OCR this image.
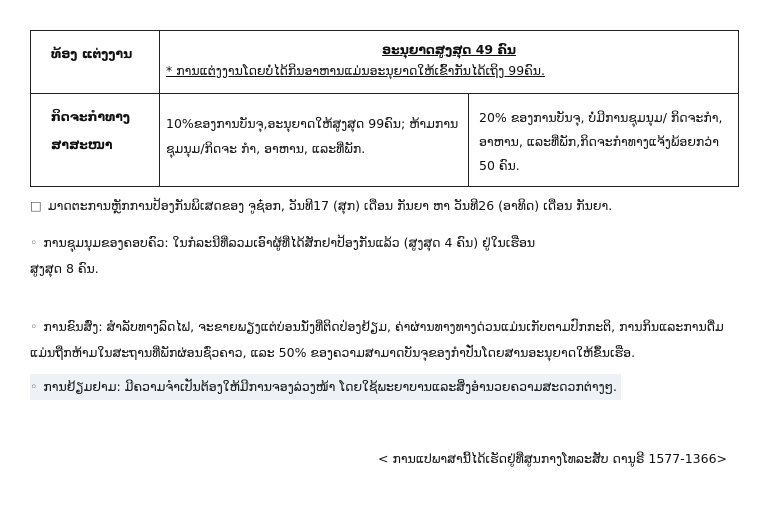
ທ້ອງ ແຕ່ງງານ	ອະນຸຍາດສູງສຸດ 49 ຄົນ
* ການແຕ່ງງານໂດຍບໍ່ໄດ້ກິນອາຫານແມ່ນອະນຸຍາດໃຫ້ເຂົ້າກັນໄດ້ເຖິງ 99ຄົນ.	

ກິດຈະກໍາທາງສາສະໜາ	10%ຂອງການບັນຈຸ,ອະນຸຍາດໃຫ້ສູງສຸດ 99ຄົນ; ຫ້າມການຊຸມນຸມ/ກິດຈະ ກໍາ, ອາຫານ, ແລະທີ່ພັກ.	20% ຂອງການບັນຈຸ, ບໍ່ມີການຊຸມນຸມ/ ກິດຈະກໍາ, ອາຫານ, ແລະທີ່ພັກ,ກິດຈະກໍາທາງແຈ້ງພ້ອຍກວ່າ 50 ຄົນ.
□ ມາດຕະການຫຼັກການປ້ອງກັນພິເສດຂອງ ຈູຊ໋ອກ, ວັນທີ17 (ສຸກ) ເດືອນ ກັນຍາ ຫາ ວັນທີ26 (ອາທິດ) ເດືອນ ກັນຍາ.
◦ ການຊຸມນຸມຂອງຄອບຄົວ: ໃນກໍລະນີທີ່ລວມເອົາຜູ້ທີ່ໄດ້ສັກຢາປ້ອງກັນແລ້ວ (ສູງສຸດ 4 ຄົນ) ຢູ່ໃນເຮືອນ
ສູງສຸດ 8 ຄົນ.
◦ ການຂົນສົ່ງ: ສໍາລັບທາງລົດໄຟ, ຈະຂາຍພຽງແຕ່ບ່ອນນັ່ງທີ່ຕິດປ່ອງຢ້ຽມ, ຄ່າຜ່ານທາງທາງດ່ວນແມ່ນເກັບຕາມປົກກະຕິ, ການກິນແລະການດື່ມ
ແມ່ນຖືກຫ້າມໃນສະຖານທີ່ພັກຜ່ອນຊົ່ວຄາວ, ແລະ 50% ຂອງຄວາມສາມາດບັນຈຸຂອງກໍາປັ່ນໂດຍສານອະນຸຍາດໃຫ້ຂຶ້ນເຮືອ.
◦ ການຢ້ຽມຢາມ: ມີຄວາມຈໍາເປັນຕ້ອງໃຫ້ມີການຈອງລ່ວງໜ້າ ໂດຍໃຊ້ພະຍາບານແລະສິ່ງອໍານວຍຄວາມສະດວກຕ່າງໆ.
< ການແປພາສານີ້ໄດ້ເຮັດຢູ່ທີ່ສູນກາງໂທລະສັບ ດານູຣີ 1577-1366>
